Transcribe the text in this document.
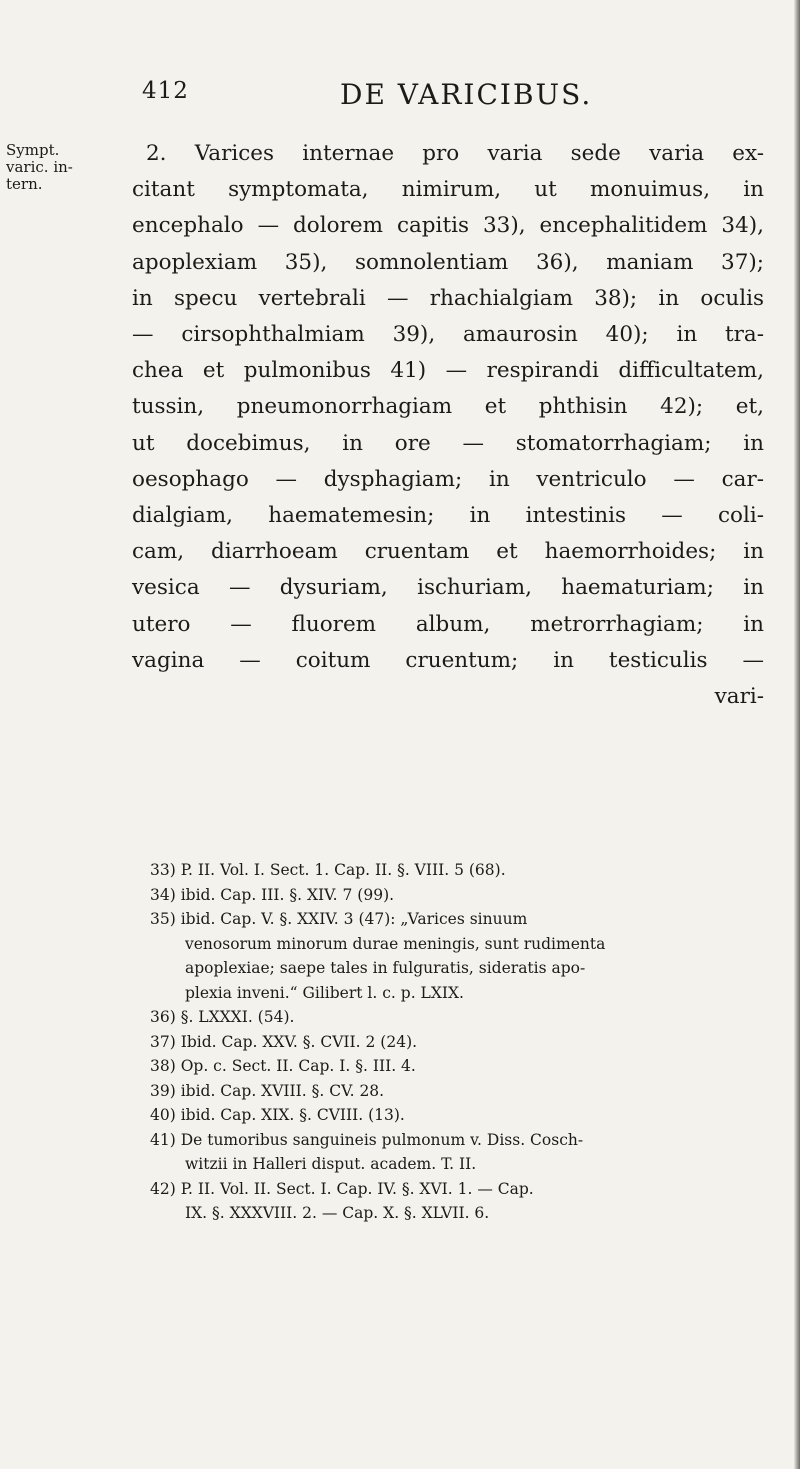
412	DE VARICIBUS.
Sympt.
varic. in-
tern.
2. Varices internae pro varia sede varia ex-
citant symptomata, nimirum, ut monuimus, in
encephalo — dolorem capitis 33), encephalitidem 34),
apoplexiam 35), somnolentiam 36), maniam 37);
in specu vertebrali — rhachialgiam 38); in oculis
— cirsophthalmiam 39), amaurosin 40); in tra-
chea et pulmonibus 41) — respirandi difficultatem,
tussin, pneumonorrhagiam et phthisin 42); et,
ut docebimus, in ore — stomatorrhagiam; in
oesophago — dysphagiam; in ventriculo — car-
dialgiam, haematemesin; in intestinis — coli-
cam, diarrhoeam cruentam et haemorrhoides; in
vesica — dysuriam, ischuriam, haematuriam; in
utero — fluorem album, metrorrhagiam; in
vagina — coitum cruentum; in testiculis —
vari-
33) P. II. Vol. I. Sect. 1. Cap. II. §. VIII. 5 (68).
34) ibid. Cap. III. §. XIV. 7 (99).
35) ibid. Cap. V. §. XXIV. 3 (47): „Varices sinuum
venosorum minorum durae meningis, sunt rudimenta
apoplexiae; saepe tales in fulguratis, sideratis apo-
plexia inveni.“ Gilibert l. c. p. LXIX.
36) §. LXXXI. (54).
37) Ibid. Cap. XXV. §. CVII. 2 (24).
38) Op. c. Sect. II. Cap. I. §. III. 4.
39) ibid. Cap. XVIII. §. CV. 28.
40) ibid. Cap. XIX. §. CVIII. (13).
41) De tumoribus sanguineis pulmonum v. Diss. Cosch-
witzii in Halleri disput. academ. T. II.
42) P. II. Vol. II. Sect. I. Cap. IV. §. XVI. 1. — Cap.
IX. §. XXXVIII. 2. — Cap. X. §. XLVII. 6.
